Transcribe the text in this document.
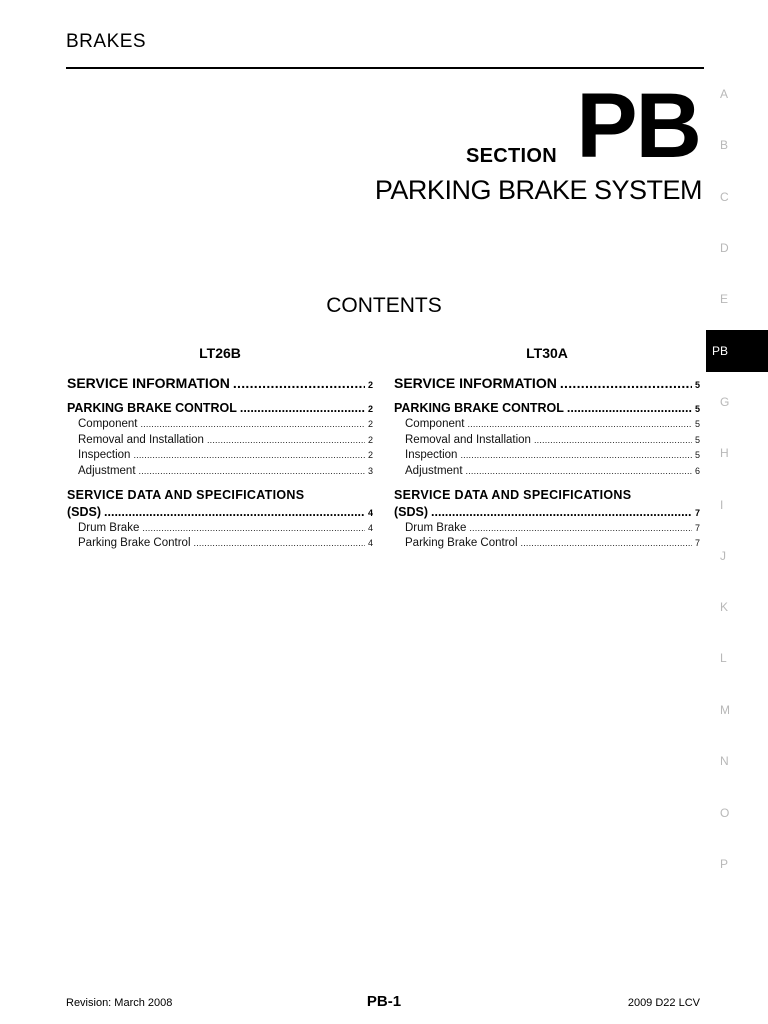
BRAKES
SECTION PB
PARKING BRAKE SYSTEM
CONTENTS
LT26B
SERVICE INFORMATION .....	2
PARKING BRAKE CONTROL .....	2
Component .....	2
Removal and Installation .....	2
Inspection .....	2
Adjustment .....	3
SERVICE DATA AND SPECIFICATIONS
(SDS) .....	4
Drum Brake .....	4
Parking Brake Control .....	4
LT30A
SERVICE INFORMATION .....	5
PARKING BRAKE CONTROL .....	5
Component .....	5
Removal and Installation .....	5
Inspection .....	5
Adjustment .....	6
SERVICE DATA AND SPECIFICATIONS
(SDS) .....	7
Drum Brake .....	7
Parking Brake Control .....	7
A
B
C
D
E
PB
G
H
I
J
K
L
M
N
O
P
Revision: March 2008	PB-1	2009 D22 LCV
